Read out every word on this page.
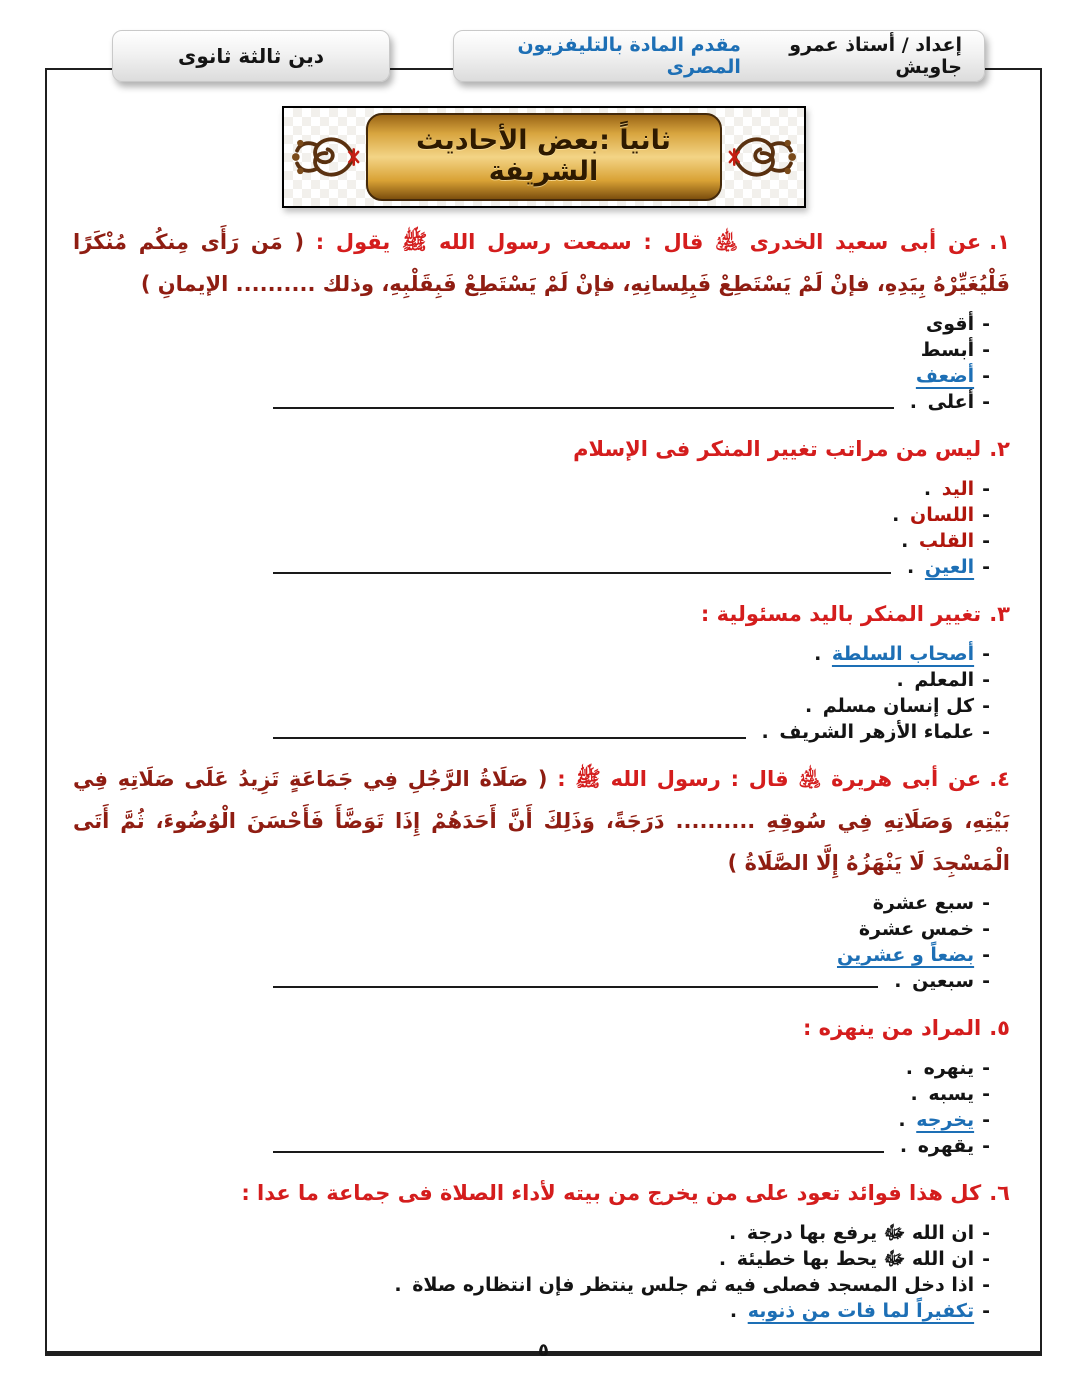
دين ثالثة ثانوى	إعداد / أستاذ عمرو جاويش
مقدم المادة بالتليفزيون المصرى
ثانياً :بعض الأحاديث الشريفة

١.عن أبى سعيد الخدرى ﵁ قال : سمعت رسول الله ﷺ يقول : ( مَن رَأَى مِنكُم مُنْكَرًا فَلْيُغَيِّرْهُ بِيَدِهِ، فإنْ لَمْ يَسْتَطِعْ فَبِلِسانِهِ، فإنْ لَمْ يَسْتَطِعْ فَبِقَلْبِهِ، وذلك .......... الإيمانِ )

- أقوى
- أبسط
- أضعف
- أعلى
.

٢.ليس من مراتب تغيير المنكر فى الإسلام

- اليد
.
- اللسان
.
- القلب
.
- العين
.

٣.تغيير المنكر باليد مسئولية :

- أصحاب السلطة
.
- المعلم
.
- كل إنسان مسلم
.
- علماء الأزهر الشريف
.

٤.عن أبى هريرة ﵁ قال : رسول الله ﷺ : ( صَلَاةُ الرَّجُلِ فِي جَمَاعَةٍ تَزِيدُ عَلَى صَلَاتِهِ فِي بَيْتِهِ، وَصَلَاتِهِ فِي سُوقِهِ .......... دَرَجَةً، وَذَلِكَ أَنَّ أَحَدَهُمْ إِذَا تَوَضَّأَ فَأَحْسَنَ الْوُضُوءَ، ثُمَّ أَتَى الْمَسْجِدَ لَا يَنْهَزُهُ إِلَّا الصَّلَاةُ )

- سبع عشرة
- خمس عشرة
- بضعاً و عشرين
- سبعين
.

٥.المراد من ينهزه :

- ينهره
.
- يسبه
.
- يخرجه
.
- يقهره
.

٦.كل هذا فوائد تعود على من يخرج من بيته لأداء الصلاة فى جماعة ما عدا :

- ان الله ﷻ يرفع بها درجة
.
- ان الله ﷻ يحط بها خطيئة
.
- اذا دخل المسجد فصلى فيه ثم جلس ينتظر فإن انتظاره صلاة
.
- تكفيراً لما فات من ذنوبه
.
٥
